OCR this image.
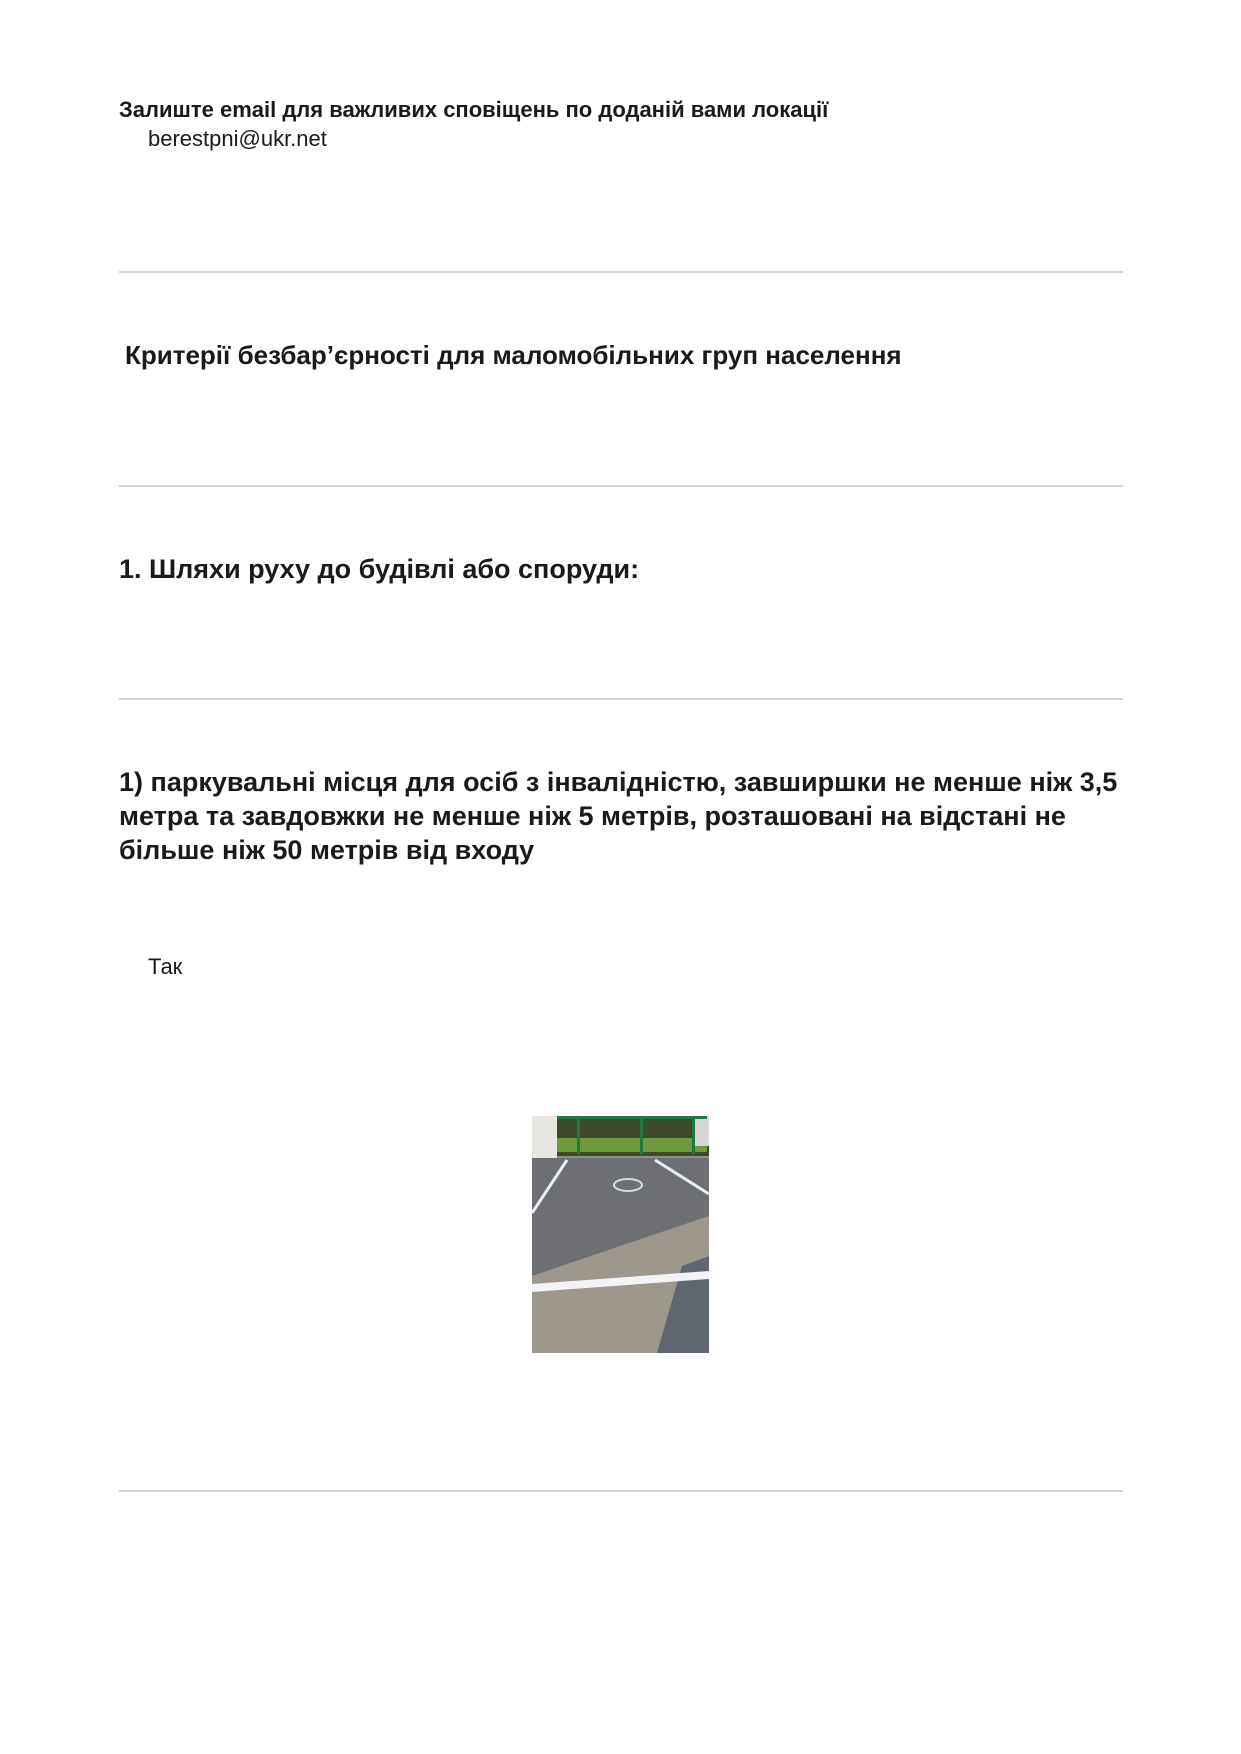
Залиште email для важливих сповіщень по доданій вами локації
berestpni@ukr.net
Критерії безбар’єрності для маломобільних груп населення
1. Шляхи руху до будівлі або споруди:
1) паркувальні місця для осіб з інвалідністю, завширшки не менше ніж 3,5 метра та завдовжки не менше ніж 5 метрів, розташовані на відстані не більше ніж 50 метрів від входу
Так
